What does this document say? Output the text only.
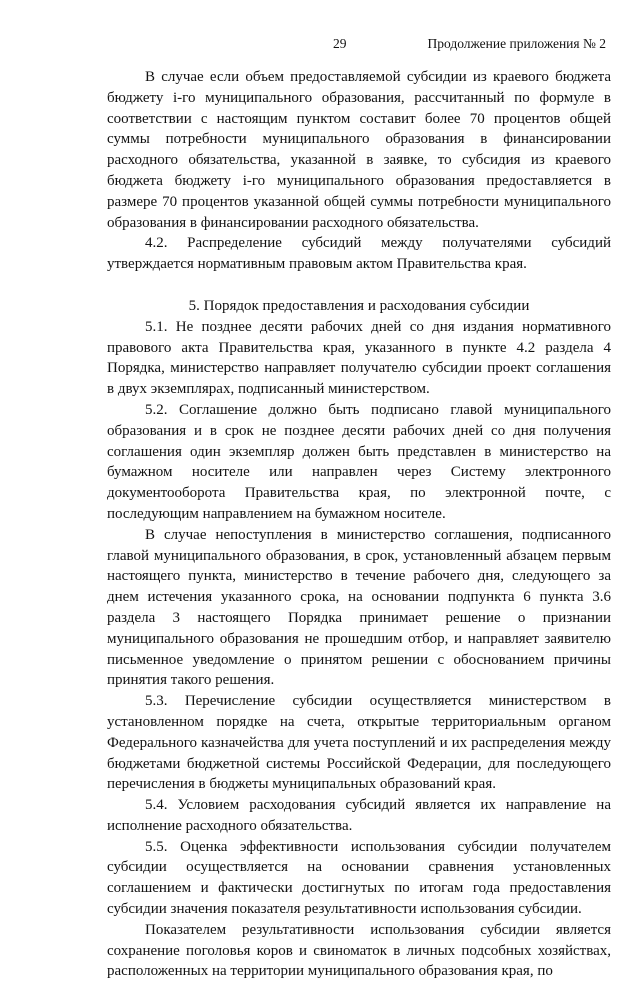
29	Продолжение приложения № 2

В случае если объем предоставляемой субсидии из краевого бюджета бюджету i-го муниципального образования, рассчитанный по формуле в соответствии с настоящим пунктом составит более 70 процентов общей суммы потребности муниципального образования в финансировании расходного обязательства, указанной в заявке, то субсидия из краевого бюджета бюджету i-го муниципального образования предоставляется в размере 70 процентов указанной общей суммы потребности муниципального образования в финансировании расходного обязательства.

4.2. Распределение субсидий между получателями субсидий утверждается нормативным правовым актом Правительства края.

5. Порядок предоставления и расходования субсидии

5.1. Не позднее десяти рабочих дней со дня издания нормативного правового акта Правительства края, указанного в пункте 4.2 раздела 4 Порядка, министерство направляет получателю субсидии проект соглашения в двух экземплярах, подписанный министерством.

5.2. Соглашение должно быть подписано главой муниципального образования и в срок не позднее десяти рабочих дней со дня получения соглашения один экземпляр должен быть представлен в министерство на бумажном носителе или направлен через Систему электронного документооборота Правительства края, по электронной почте, с последующим направлением на бумажном носителе.

В случае непоступления в министерство соглашения, подписанного главой муниципального образования, в срок, установленный абзацем первым настоящего пункта, министерство в течение рабочего дня, следующего за днем истечения указанного срока, на основании подпункта 6 пункта 3.6 раздела 3 настоящего Порядка принимает решение о признании муниципального образования не прошедшим отбор, и направляет заявителю письменное уведомление о принятом решении с обоснованием причины принятия такого решения.

5.3. Перечисление субсидии осуществляется министерством в установленном порядке на счета, открытые территориальным органом Федерального казначейства для учета поступлений и их распределения между бюджетами бюджетной системы Российской Федерации, для последующего перечисления в бюджеты муниципальных образований края.

5.4. Условием расходования субсидий является их направление на исполнение расходного обязательства.

5.5. Оценка эффективности использования субсидии получателем субсидии осуществляется на основании сравнения установленных соглашением и фактически достигнутых по итогам года предоставления субсидии значения показателя результативности использования субсидии.

Показателем результативности использования субсидии является сохранение поголовья коров и свиноматок в личных подсобных хозяйствах, расположенных на территории муниципального образования края, по
